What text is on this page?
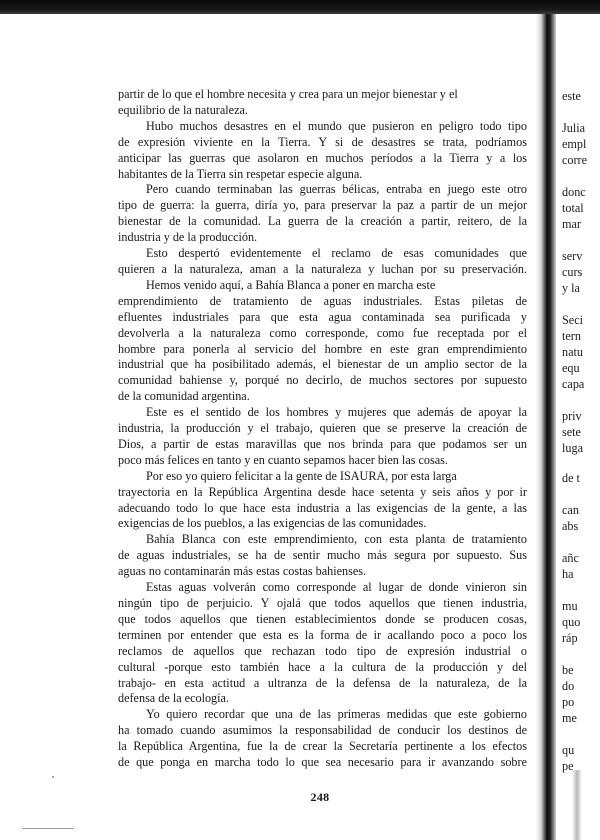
partir de lo que el hombre necesita y crea para un mejor bienestar y el
equilibrio de la naturaleza.
Hubo muchos desastres en el mundo que pusieron en peligro todo tipo
de expresión viviente en la Tierra. Y si de desastres se trata, podríamos
anticipar las guerras que asolaron en muchos períodos a la Tierra y a los
habitantes de la Tierra sin respetar especie alguna.
Pero cuando terminaban las guerras bélicas, entraba en juego este otro
tipo de guerra: la guerra, diría yo, para preservar la paz a partir de un mejor
bienestar de la comunidad. La guerra de la creación a partir, reitero, de la
industria y de la producción.
Esto despertó evidentemente el reclamo de esas comunidades que
quieren a la naturaleza, aman a la naturaleza y luchan por su preservación.
Hemos venido aquí, a Bahía Blanca a poner en marcha este
emprendimiento de tratamiento de aguas industriales. Estas piletas de
efluentes industriales para que esta agua contaminada sea purificada y
devolverla a la naturaleza como corresponde, como fue receptada por el
hombre para ponerla al servicio del hombre en este gran emprendimiento
industrial que ha posibilitado además, el bienestar de un amplio sector de la
comunidad bahiense y, porqué no decirlo, de muchos sectores por supuesto
de la comunidad argentina.
Este es el sentido de los hombres y mujeres que además de apoyar la
industria, la producción y el trabajo, quieren que se preserve la creación de
Dios, a partir de estas maravillas que nos brinda para que podamos ser un
poco más felices en tanto y en cuanto sepamos hacer bien las cosas.
Por eso yo quiero felicitar a la gente de ISAURA, por esta larga
trayectoria en la República Argentina desde hace setenta y seis años y por ir
adecuando todo lo que hace esta industria a las exigencias de la gente, a las
exigencias de los pueblos, a las exigencias de las comunidades.
Bahía Blanca con este emprendimiento, con esta planta de tratamiento
de aguas industriales, se ha de sentir mucho más segura por supuesto. Sus
aguas no contaminarán más estas costas bahienses.
Estas aguas volverán como corresponde al lugar de donde vinieron sin
ningún tipo de perjuicio. Y ojalá que todos aquellos que tienen industria,
que todos aquellos que tienen establecimientos donde se producen cosas,
terminen por entender que esta es la forma de ir acallando poco a poco los
reclamos de aquellos que rechazan todo tipo de expresión industrial o
cultural -porque esto también hace a la cultura de la producción y del
trabajo- en esta actitud a ultranza de la defensa de la naturaleza, de la
defensa de la ecología.
Yo quiero recordar que una de las primeras medidas que este gobierno
ha tomado cuando asumimos la responsabilidad de conducir los destinos de
la República Argentina, fue la de crear la Secretaría pertinente a los efectos
de que ponga en marcha todo lo que sea necesario para ir avanzando sobre
248
este
Julia
empl
corre
donc
total
mar
serv
curs
y la
Seci
tern
natu
equ
capa
priv
sete
luga
de t
can
abs
añc
ha
mu
quo
ráp
be
do
po
me
qu
pe
